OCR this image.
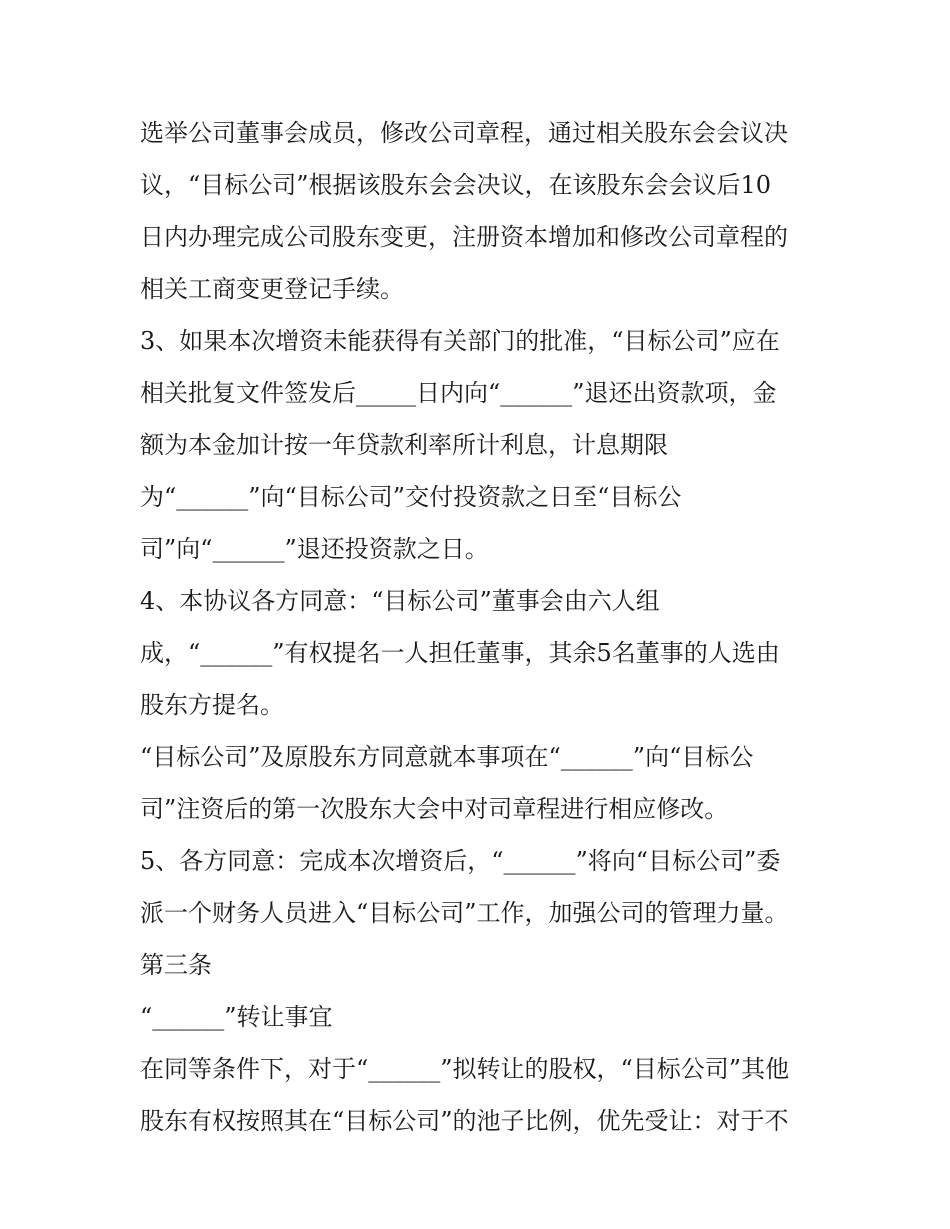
选举公司董事会成员，修改公司章程，通过相关股东会会议决
议，“目标公司”根据该股东会会决议，在该股东会会议后10
日内办理完成公司股东变更，注册资本增加和修改公司章程的
相关工商变更登记手续。
3、如果本次增资未能获得有关部门的批准，“目标公司”应在
相关批复文件签发后_____日内向“______”退还出资款项，金
额为本金加计按一年贷款利率所计利息，计息期限
为“______”向“目标公司”交付投资款之日至“目标公
司”向“______”退还投资款之日。
4、本协议各方同意：“目标公司”董事会由六人组
成，“______”有权提名一人担任董事，其余5名董事的人选由
股东方提名。
“目标公司”及原股东方同意就本事项在“______”向“目标公
司”注资后的第一次股东大会中对司章程进行相应修改。
5、各方同意：完成本次增资后，“______”将向“目标公司”委
派一个财务人员进入“目标公司”工作，加强公司的管理力量。
第三条
“______”转让事宜
在同等条件下，对于“______”拟转让的股权，“目标公司”其他
股东有权按照其在“目标公司”的池子比例，优先受让：对于不
